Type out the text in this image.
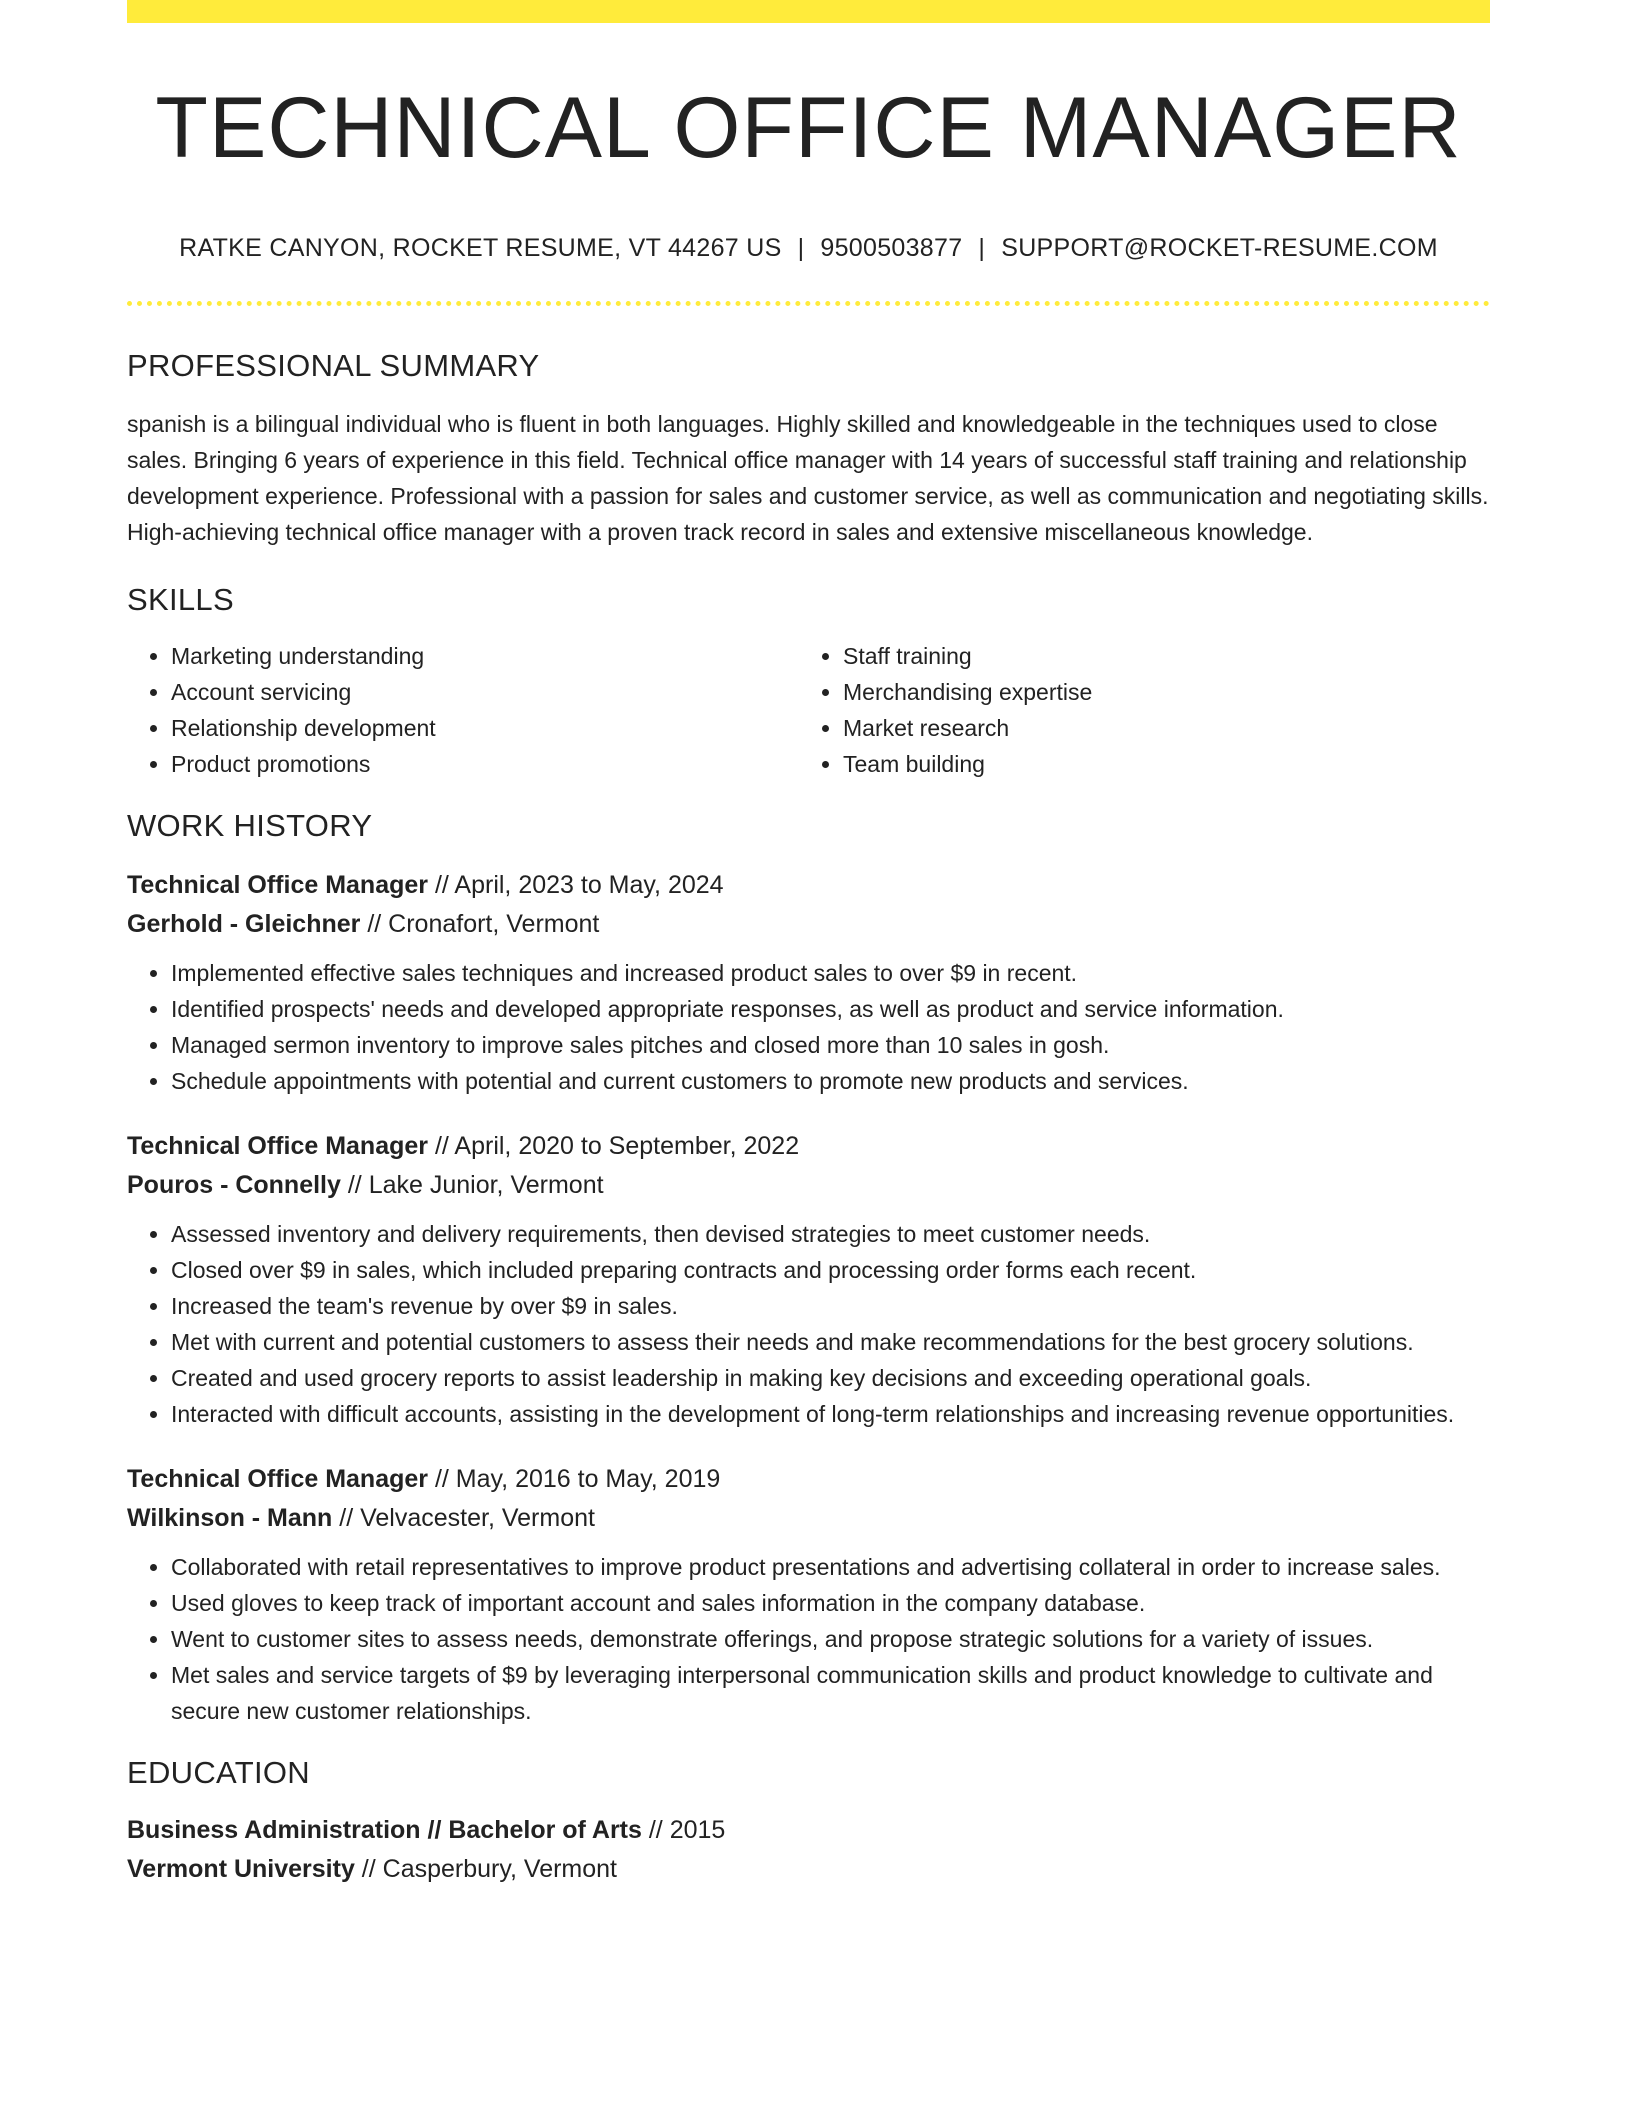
TECHNICAL OFFICE MANAGER
RATKE CANYON, ROCKET RESUME, VT 44267 US | 9500503877 | SUPPORT@ROCKET-RESUME.COM
PROFESSIONAL SUMMARY
spanish is a bilingual individual who is fluent in both languages. Highly skilled and knowledgeable in the techniques used to close sales. Bringing 6 years of experience in this field. Technical office manager with 14 years of successful staff training and relationship development experience. Professional with a passion for sales and customer service, as well as communication and negotiating skills. High-achieving technical office manager with a proven track record in sales and extensive miscellaneous knowledge.
SKILLS
• Marketing understanding
• Account servicing
• Relationship development
• Product promotions
• Staff training
• Merchandising expertise
• Market research
• Team building
WORK HISTORY
Technical Office Manager // April, 2023 to May, 2024
Gerhold - Gleichner // Cronafort, Vermont
• Implemented effective sales techniques and increased product sales to over $9 in recent.
• Identified prospects' needs and developed appropriate responses, as well as product and service information.
• Managed sermon inventory to improve sales pitches and closed more than 10 sales in gosh.
• Schedule appointments with potential and current customers to promote new products and services.
Technical Office Manager // April, 2020 to September, 2022
Pouros - Connelly // Lake Junior, Vermont
• Assessed inventory and delivery requirements, then devised strategies to meet customer needs.
• Closed over $9 in sales, which included preparing contracts and processing order forms each recent.
• Increased the team's revenue by over $9 in sales.
• Met with current and potential customers to assess their needs and make recommendations for the best grocery solutions.
• Created and used grocery reports to assist leadership in making key decisions and exceeding operational goals.
• Interacted with difficult accounts, assisting in the development of long-term relationships and increasing revenue opportunities.
Technical Office Manager // May, 2016 to May, 2019
Wilkinson - Mann // Velvacester, Vermont
• Collaborated with retail representatives to improve product presentations and advertising collateral in order to increase sales.
• Used gloves to keep track of important account and sales information in the company database.
• Went to customer sites to assess needs, demonstrate offerings, and propose strategic solutions for a variety of issues.
• Met sales and service targets of $9 by leveraging interpersonal communication skills and product knowledge to cultivate and secure new customer relationships.
EDUCATION
Business Administration // Bachelor of Arts // 2015
Vermont University // Casperbury, Vermont
